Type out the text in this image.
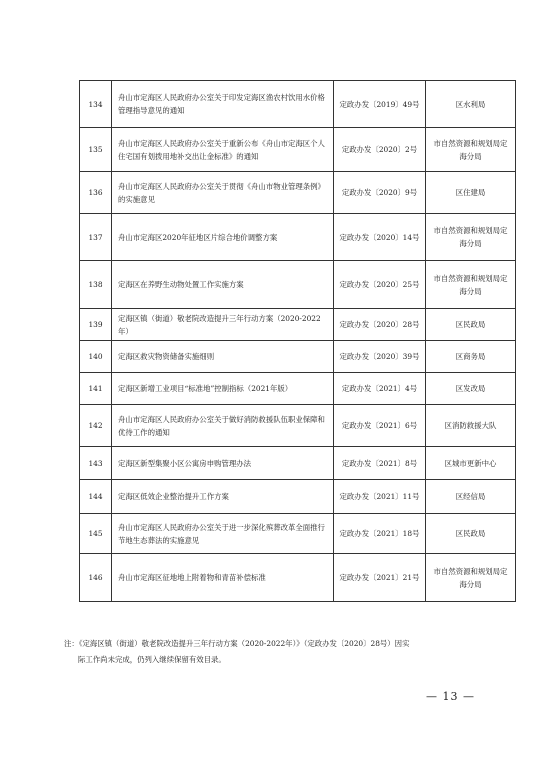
134	舟山市定海区人民政府办公室关于印发定海区渔农村饮用水价格管理指导意见的通知	定政办发〔2019〕49号	区水利局
135	舟山市定海区人民政府办公室关于重新公布《舟山市定海区个人住宅国有划拨用地补交出让金标准》的通知	定政办发〔2020〕2号	市自然资源和规划局定海分局
136	舟山市定海区人民政府办公室关于贯彻《舟山市物业管理条例》的实施意见	定政办发〔2020〕9号	区住建局
137	舟山市定海区2020年征地区片综合地价调整方案	定政办发〔2020〕14号	市自然资源和规划局定海分局
138	定海区在养野生动物处置工作实施方案	定政办发〔2020〕25号	市自然资源和规划局定海分局
139	定海区镇（街道）敬老院改造提升三年行动方案（2020-2022年）	定政办发〔2020〕28号	区民政局
140	定海区救灾物资储备实施细则	定政办发〔2020〕39号	区商务局
141	定海区新增工业项目“标准地”控制指标（2021年版）	定政办发〔2021〕4号	区发改局
142	舟山市定海区人民政府办公室关于做好消防救援队伍职业保障和优待工作的通知	定政办发〔2021〕6号	区消防救援大队
143	定海区新型集聚小区公寓房申购管理办法	定政办发〔2021〕8号	区城市更新中心
144	定海区低效企业整治提升工作方案	定政办发〔2021〕11号	区经信局
145	舟山市定海区人民政府办公室关于进一步深化殡葬改革全面推行节地生态葬法的实施意见	定政办发〔2021〕18号	区民政局
146	舟山市定海区征地地上附着物和青苗补偿标准	定政办发〔2021〕21号	市自然资源和规划局定海分局
注：《定海区镇（街道）敬老院改造提升三年行动方案（2020-2022年）》（定政办发〔2020〕28号）因实
际工作尚未完成，仍列入继续保留有效目录。
— 13 —
